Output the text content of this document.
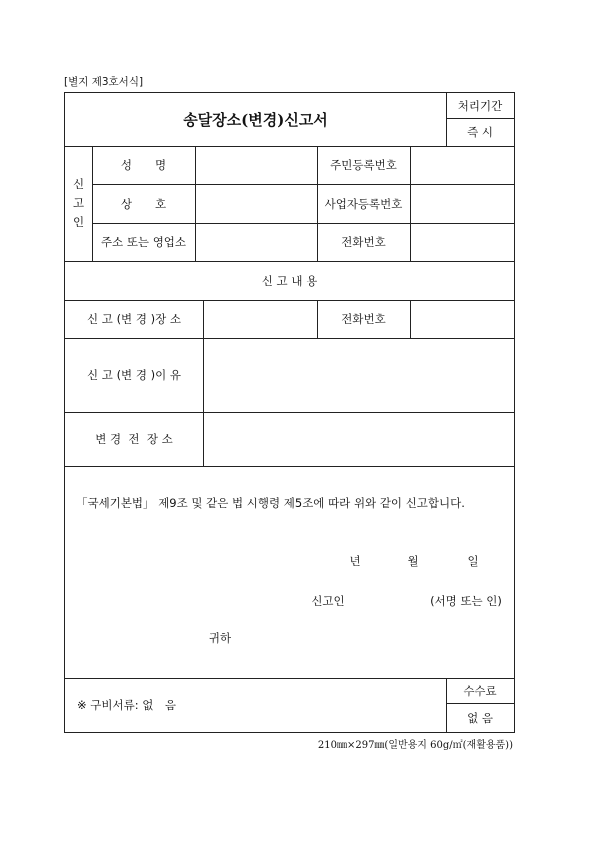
[별지 제3호서식]
송달장소(변경)신고서
처리기간
즉 시
신
고
인
성　　명	주민등록번호
상　　호	사업자등록번호
주소 또는 영업소	전화번호
신 고 내 용
신 고 (변 경 )장 소	전화번호
신 고 (변 경 )이 유
변 경  전  장 소
년	월	일
신고인	(서명 또는 인)
귀하
※ 구비서류: 없　음
수수료
없 음
「국세기본법」 제9조 및 같은 법 시행령 제5조에 따라 위와 같이 신고합니다.
210㎜×297㎜(일반용지 60g/㎡(재활용품))
